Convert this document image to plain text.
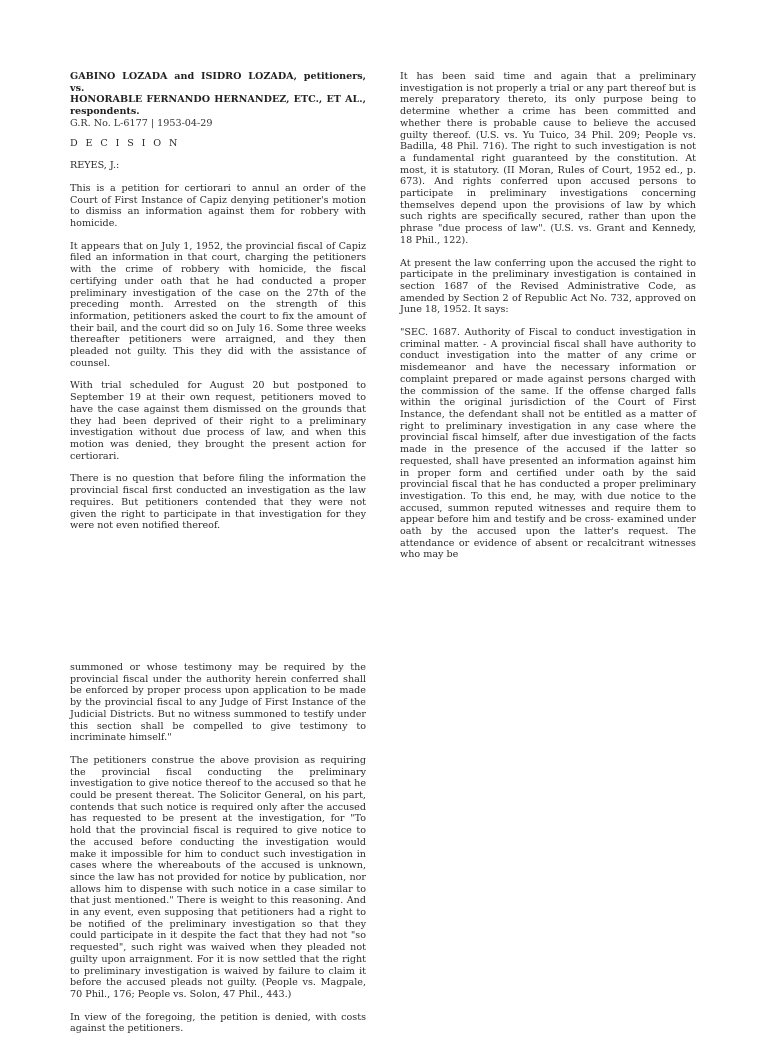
GABINO LOZADA and ISIDRO LOZADA, petitioners, vs.
HONORABLE FERNANDO HERNANDEZ, ETC., ET AL., respondents.
G.R. No. L-6177 | 1953-04-29

D E C I S I O N

REYES, J.:

This is a petition for certiorari to annul an order of the Court of First Instance of Capiz denying petitioner's motion to dismiss an information against them for robbery with homicide.

It appears that on July 1, 1952, the provincial fiscal of Capiz filed an information in that court, charging the petitioners with the crime of robbery with homicide, the fiscal certifying under oath that he had conducted a proper preliminary investigation of the case on the 27th of the preceding month. Arrested on the strength of this information, petitioners asked the court to fix the amount of their bail, and the court did so on July 16. Some three weeks thereafter petitioners were arraigned, and they then pleaded not guilty. This they did with the assistance of counsel.

With trial scheduled for August 20 but postponed to September 19 at their own request, petitioners moved to have the case against them dismissed on the grounds that they had been deprived of their right to a preliminary investigation without due process of law, and when this motion was denied, they brought the present action for certiorari.

There is no question that before filing the information the provincial fiscal first conducted an investigation as the law requires. But petitioners contended that they were not given the right to participate in that investigation for they were not even notified thereof.

It has been said time and again that a preliminary investigation is not properly a trial or any part thereof but is merely preparatory thereto, its only purpose being to determine whether a crime has been committed and whether there is probable cause to believe the accused guilty thereof. (U.S. vs. Yu Tuico, 34 Phil. 209; People vs. Badilla, 48 Phil. 716). The right to such investigation is not a fundamental right guaranteed by the constitution. At most, it is statutory. (II Moran, Rules of Court, 1952 ed., p. 673). And rights conferred upon accused persons to participate in preliminary investigations concerning themselves depend upon the provisions of law by which such rights are specifically secured, rather than upon the phrase "due process of law". (U.S. vs. Grant and Kennedy, 18 Phil., 122).

At present the law conferring upon the accused the right to participate in the preliminary investigation is contained in section 1687 of the Revised Administrative Code, as amended by Section 2 of Republic Act No. 732, approved on June 18, 1952. It says:

"SEC. 1687. Authority of Fiscal to conduct investigation in criminal matter. - A provincial fiscal shall have authority to conduct investigation into the matter of any crime or misdemeanor and have the necessary information or complaint prepared or made against persons charged with the commission of the same. If the offense charged falls within the original jurisdiction of the Court of First Instance, the defendant shall not be entitled as a matter of right to preliminary investigation in any case where the provincial fiscal himself, after due investigation of the facts made in the presence of the accused if the latter so requested, shall have presented an information against him in proper form and certified under oath by the said provincial fiscal that he has conducted a proper preliminary investigation. To this end, he may, with due notice to the accused, summon reputed witnesses and require them to appear before him and testify and be cross- examined under oath by the accused upon the latter's request. The attendance or evidence of absent or recalcitrant witnesses who may be

summoned or whose testimony may be required by the provincial fiscal under the authority herein conferred shall be enforced by proper process upon application to be made by the provincial fiscal to any Judge of First Instance of the Judicial Districts. But no witness summoned to testify under this section shall be compelled to give testimony to incriminate himself."

The petitioners construe the above provision as requiring the provincial fiscal conducting the preliminary investigation to give notice thereof to the accused so that he could be present thereat. The Solicitor General, on his part, contends that such notice is required only after the accused has requested to be present at the investigation, for "To hold that the provincial fiscal is required to give notice to the accused before conducting the investigation would make it impossible for him to conduct such investigation in cases where the whereabouts of the accused is unknown, since the law has not provided for notice by publication, nor allows him to dispense with such notice in a case similar to that just mentioned." There is weight to this reasoning. And in any event, even supposing that petitioners had a right to be notified of the preliminary investigation so that they could participate in it despite the fact that they had not "so requested", such right was waived when they pleaded not guilty upon arraignment. For it is now settled that the right to preliminary investigation is waived by failure to claim it before the accused pleads not guilty. (People vs. Magpale, 70 Phil., 176; People vs. Solon, 47 Phil., 443.)

In view of the foregoing, the petition is denied, with costs against the petitioners.
